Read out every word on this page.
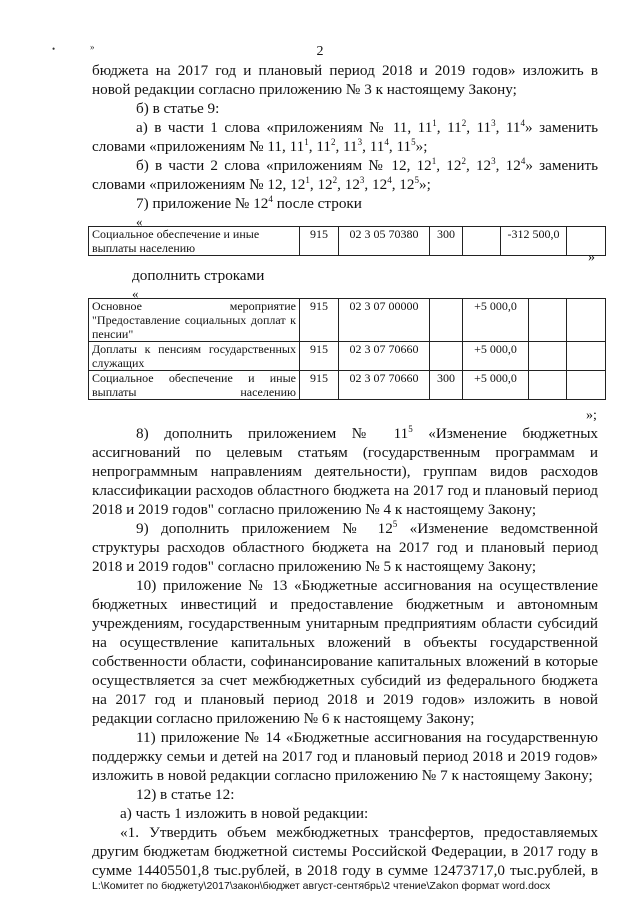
2
•	»
бюджета на 2017 год и плановый период 2018 и 2019 годов» изложить в
новой редакции согласно приложению № 3 к настоящему Закону;
б) в статье 9:
а) в части 1 слова «приложениям № 11, $11^1$, $11^2$, $11^3$, $11^4$» заменить
словами «приложениям № 11, $11^1$, $11^2$, $11^3$, $11^4$, $11^5$»;
б) в части 2 слова «приложениям № 12, $12^1$, $12^2$, $12^3$, $12^4$» заменить
словами «приложениям № 12, $12^1$, $12^2$, $12^3$, $12^4$, $12^5$»;
7) приложение № $12^4$ после строки
«
Социальное обеспечение и иные выплаты населению	915	02 3 05 70380	300		-312 500,0	
»
дополнить строками
«
Основное мероприятие "Предоставление социальных доплат к пенсии"	915	02 3 07 00000		+5 000,0		

Доплаты к пенсиям государственных служащих	915	02 3 07 70660		+5 000,0		

Социальное обеспечение и иные выплаты населению	915	02 3 07 70660	300	+5 000,0		
»;
8) дополнить приложением № $11^5$ «Изменение бюджетных
ассигнований по целевым статьям (государственным программам и
непрограммным направлениям деятельности), группам видов расходов
классификации расходов областного бюджета на 2017 год и плановый период
2018 и 2019 годов" согласно приложению № 4 к настоящему Закону;
9) дополнить приложением № $12^5$ «Изменение ведомственной
структуры расходов областного бюджета на 2017 год и плановый период
2018 и 2019 годов" согласно приложению № 5 к настоящему Закону;
10) приложение № 13 «Бюджетные ассигнования на осуществление
бюджетных инвестиций и предоставление бюджетным и автономным
учреждениям, государственным унитарным предприятиям области субсидий
на осуществление капитальных вложений в объекты государственной
собственности области, софинансирование капитальных вложений в которые
осуществляется за счет межбюджетных субсидий из федерального бюджета
на 2017 год и плановый период 2018 и 2019 годов» изложить в новой
редакции согласно приложению № 6 к настоящему Закону;
11) приложение № 14 «Бюджетные ассигнования на государственную
поддержку семьи и детей на 2017 год и плановый период 2018 и 2019 годов»
изложить в новой редакции согласно приложению № 7 к настоящему Закону;
12) в статье 12:
а) часть 1 изложить в новой редакции:
«1. Утвердить объем межбюджетных трансфертов, предоставляемых
другим бюджетам бюджетной системы Российской Федерации, в 2017 году в
L:\Комитет по бюджету\2017\закон\бюджет август-сентябрь\2 чтение\Zakon формат word.docx
сумме 14405501,8 тыс.рублей, в 2018 году в сумме 12473717,0 тыс.рублей, в
